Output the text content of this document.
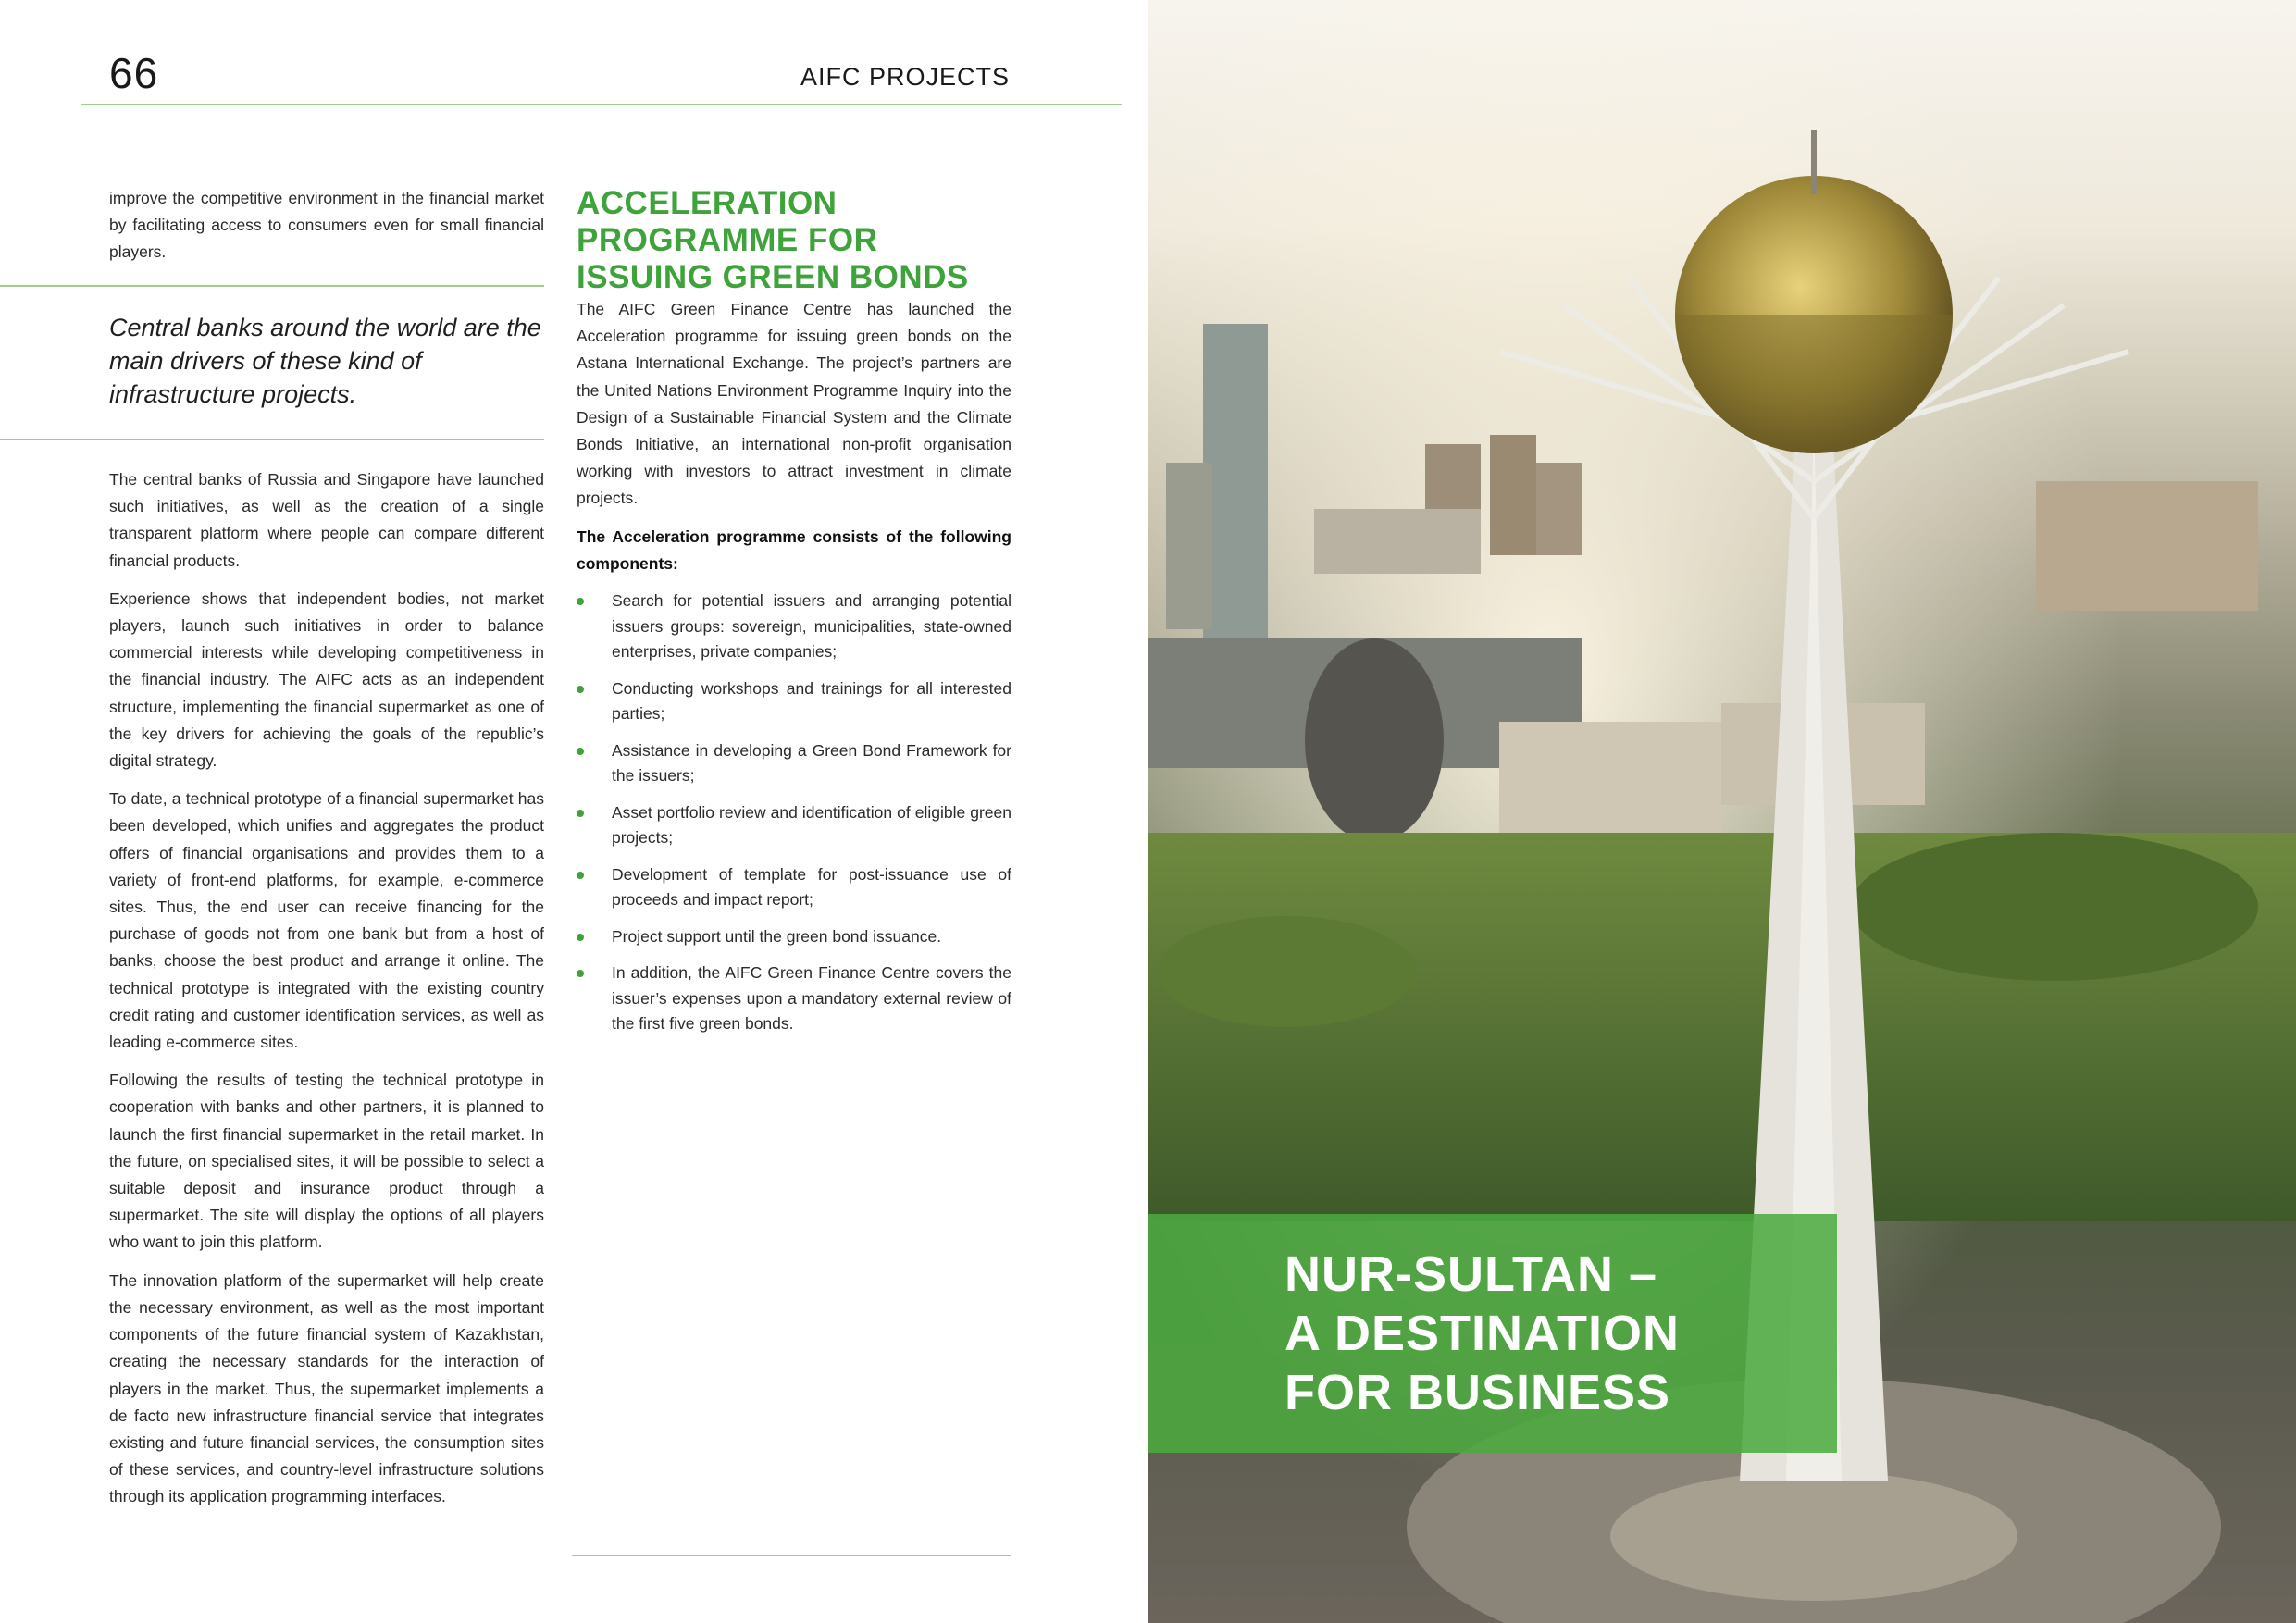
66	AIFC PROJECTS

improve the competitive environment in the financial market by facilitating access to consumers even for small financial players.

Central banks around the world are the main drivers of these kind of infrastructure projects.

The central banks of Russia and Singapore have launched such initiatives, as well as the creation of a single transparent platform where people can compare different financial products.

Experience shows that independent bodies, not market players, launch such initiatives in order to balance commercial interests while developing competitiveness in the financial industry. The AIFC acts as an independent structure, implementing the financial supermarket as one of the key drivers for achieving the goals of the republic’s digital strategy.

To date, a technical prototype of a financial supermarket has been developed, which unifies and aggregates the product offers of financial organisations and provides them to a variety of front-end platforms, for example, e-commerce sites. Thus, the end user can receive financing for the purchase of goods not from one bank but from a host of banks, choose the best product and arrange it online. The technical prototype is integrated with the existing country credit rating and customer identification services, as well as leading e-commerce sites.

Following the results of testing the technical prototype in cooperation with banks and other partners, it is planned to launch the first financial supermarket in the retail market. In the future, on specialised sites, it will be possible to select a suitable deposit and insurance product through a supermarket. The site will display the options of all players who want to join this platform.

The innovation platform of the supermarket will help create the necessary environment, as well as the most important components of the future financial system of Kazakhstan, creating the necessary standards for the interaction of players in the market. Thus, the supermarket implements a de facto new infrastructure financial service that integrates existing and future financial services, the consumption sites of these services, and country-level infrastructure solutions through its application programming interfaces.

ACCELERATION PROGRAMME FOR ISSUING GREEN BONDS

The AIFC Green Finance Centre has launched the Acceleration programme for issuing green bonds on the Astana International Exchange. The project’s partners are the United Nations Environment Programme Inquiry into the Design of a Sustainable Financial System and the Climate Bonds Initiative, an international non-profit organisation working with investors to attract investment in climate projects.

The Acceleration programme consists of the following components:

Search for potential issuers and arranging potential issuers groups: sovereign, municipalities, state-owned enterprises, private companies;
Conducting workshops and trainings for all interested parties;
Assistance in developing a Green Bond Framework for the issuers;
Asset portfolio review and identification of eligible green projects;
Development of template for post-issuance use of proceeds and impact report;
Project support until the green bond issuance.
In addition, the AIFC Green Finance Centre covers the issuer’s expenses upon a mandatory external review of the first five green bonds.
NUR-SULTAN –
A DESTINATION
FOR BUSINESS
